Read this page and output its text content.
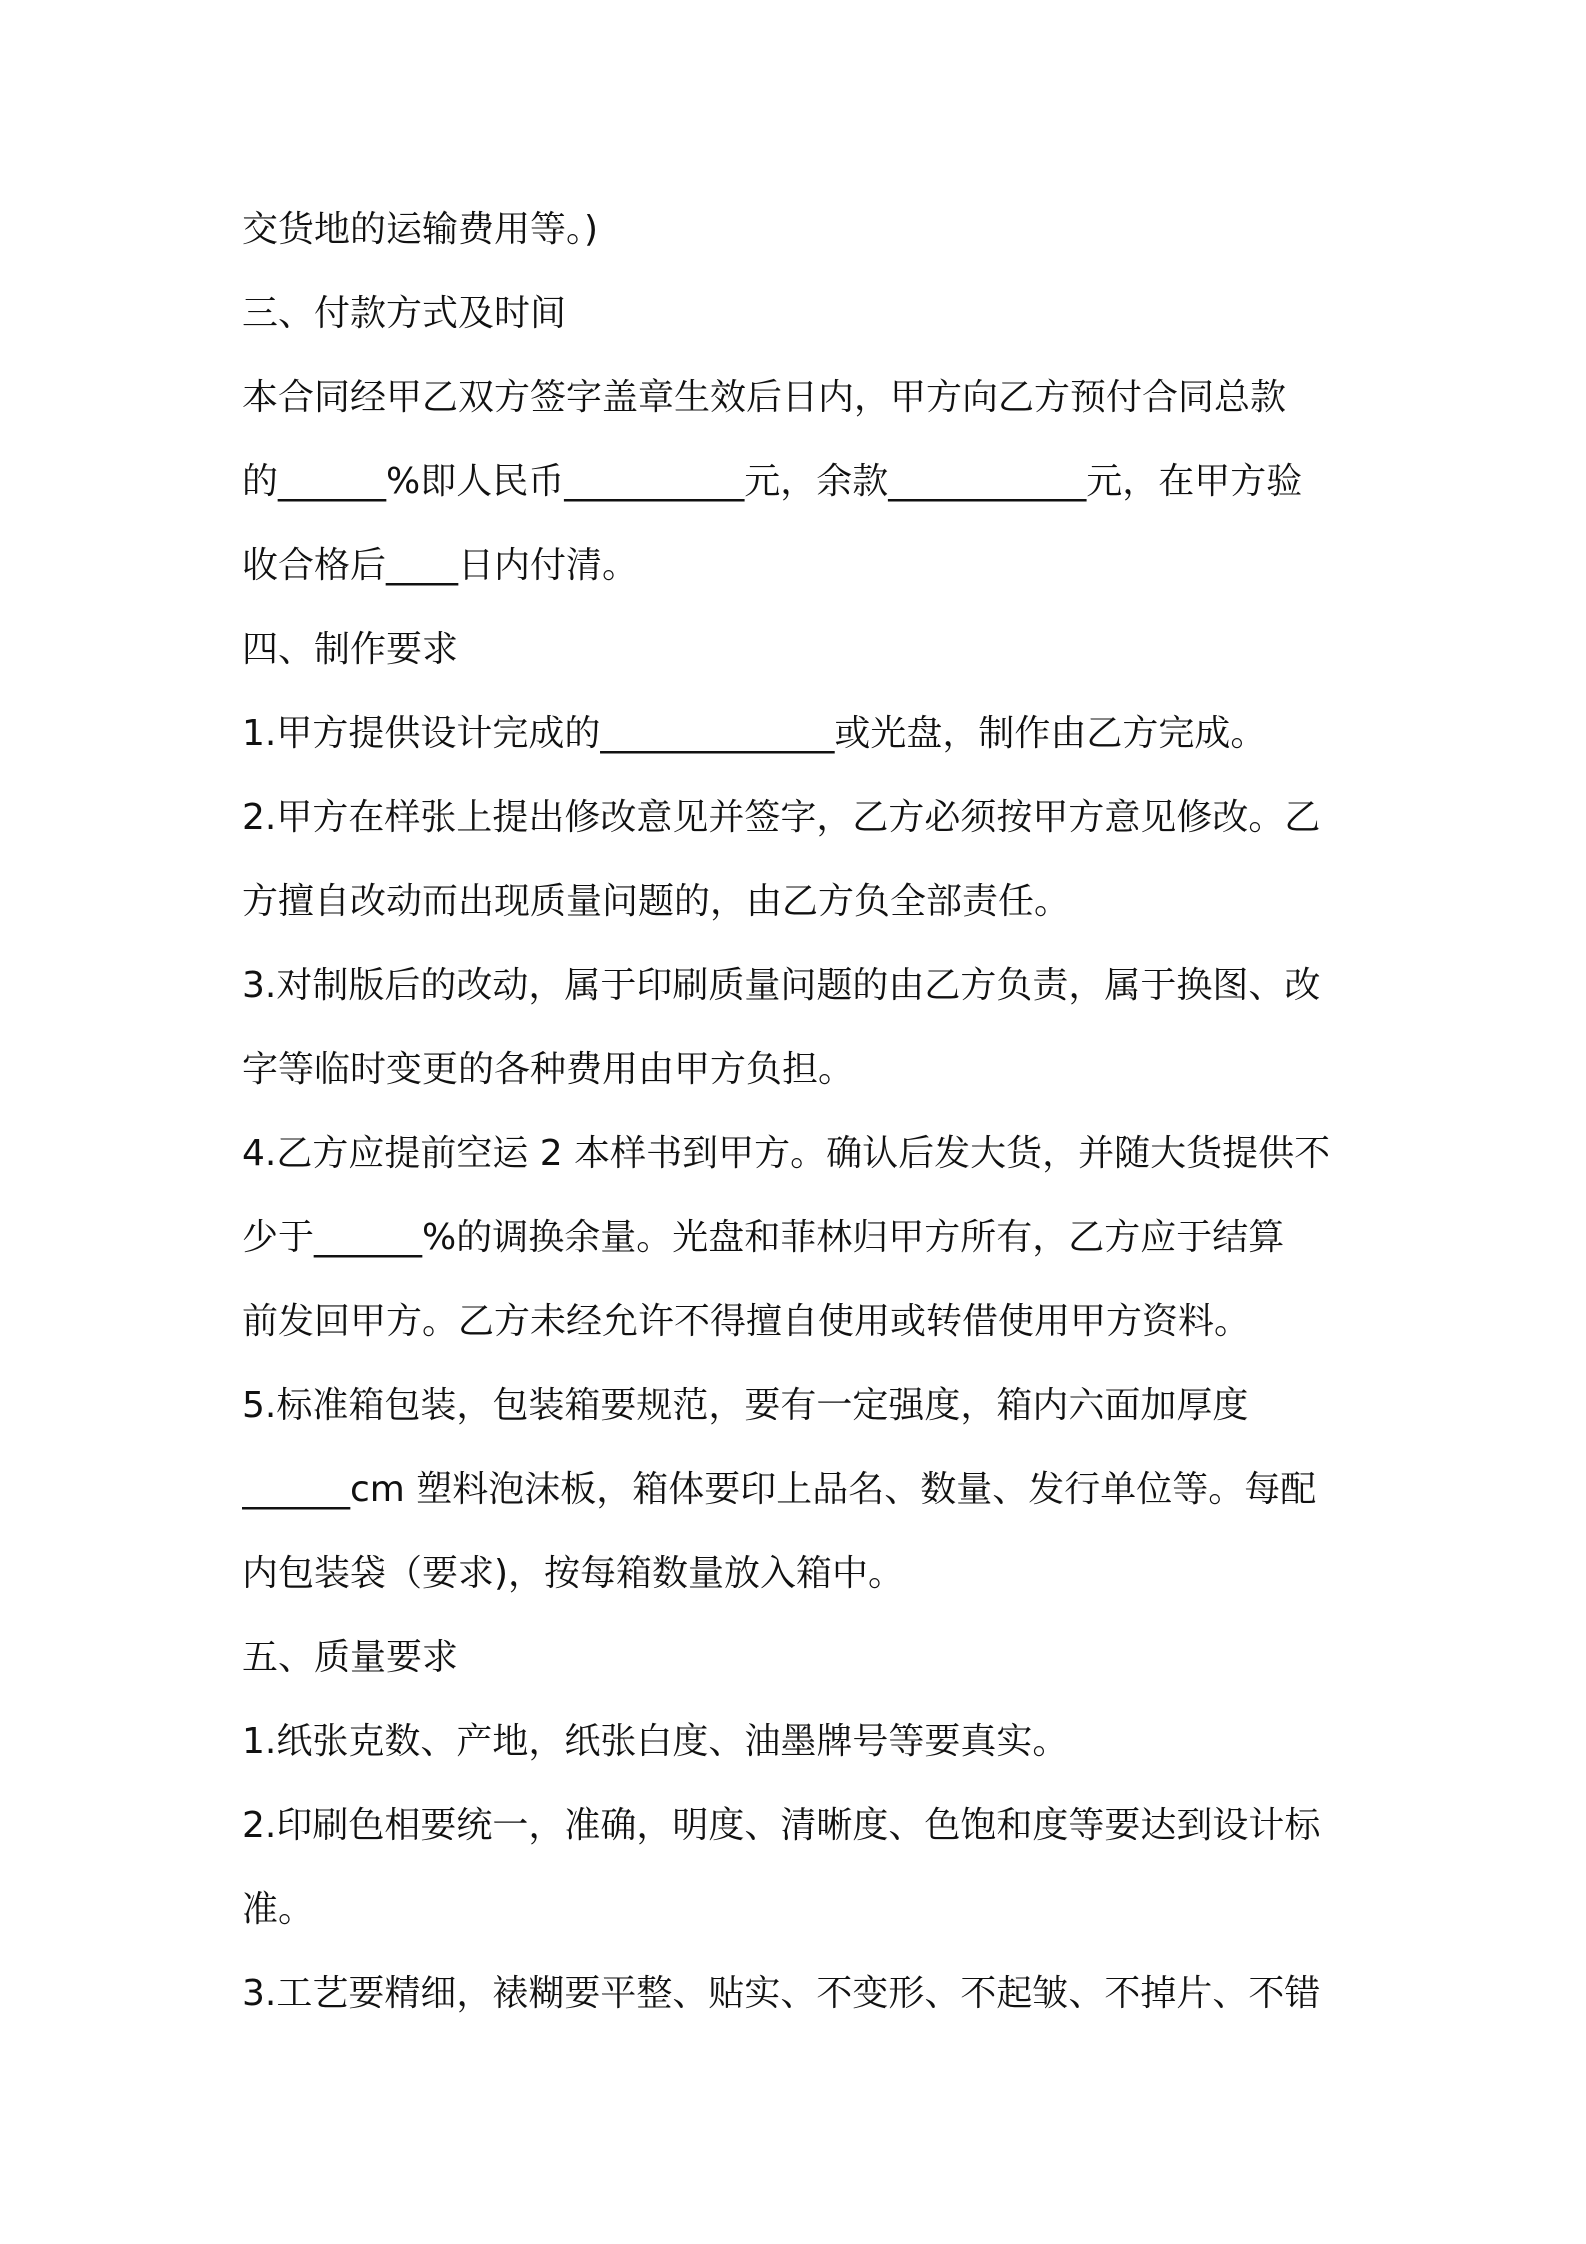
交货地的运输费用等。)
三、付款方式及时间
本合同经甲乙双方签字盖章生效后日内，甲方向乙方预付合同总款
的______%即人民币__________元，余款___________元，在甲方验
收合格后____日内付清。
四、制作要求
1.甲方提供设计完成的_____________或光盘，制作由乙方完成。
2.甲方在样张上提出修改意见并签字，乙方必须按甲方意见修改。乙
方擅自改动而出现质量问题的，由乙方负全部责任。
3.对制版后的改动，属于印刷质量问题的由乙方负责，属于换图、改
字等临时变更的各种费用由甲方负担。
4.乙方应提前空运 2 本样书到甲方。确认后发大货，并随大货提供不
少于______%的调换余量。光盘和菲林归甲方所有，乙方应于结算
前发回甲方。乙方未经允许不得擅自使用或转借使用甲方资料。
5.标准箱包装，包装箱要规范，要有一定强度，箱内六面加厚度
______cm 塑料泡沫板，箱体要印上品名、数量、发行单位等。每配
内包装袋（要求)，按每箱数量放入箱中。
五、质量要求
1.纸张克数、产地，纸张白度、油墨牌号等要真实。
2.印刷色相要统一，准确，明度、清晰度、色饱和度等要达到设计标
准。
3.工艺要精细，裱糊要平整、贴实、不变形、不起皱、不掉片、不错
